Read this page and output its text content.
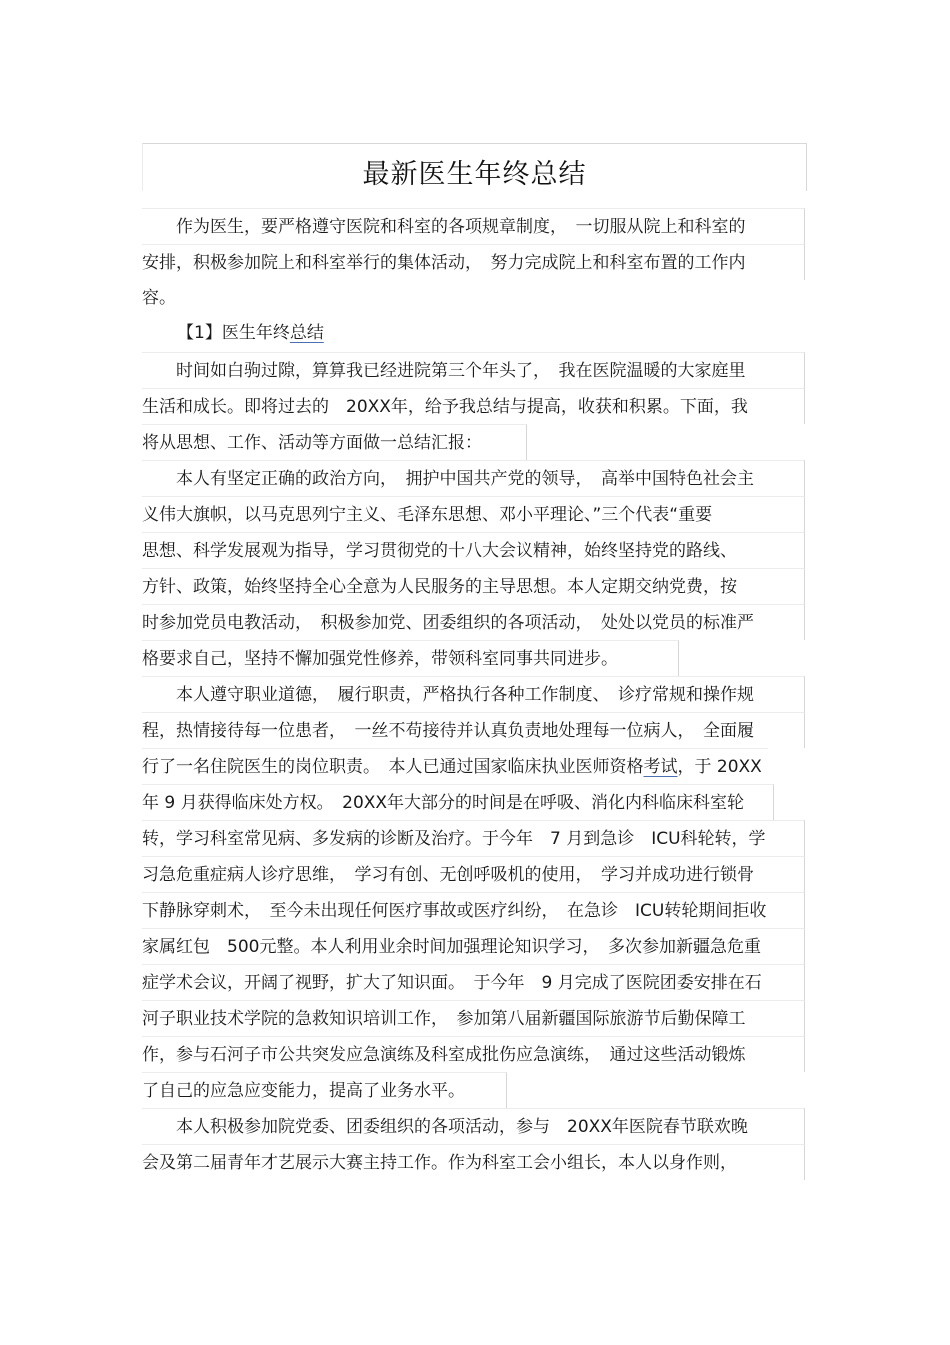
最新医生年终总结
　　作为医生，要严格遵守医院和科室的各项规章制度，　一切服从院上和科室的
安排，积极参加院上和科室举行的集体活动，　努力完成院上和科室布置的工作内
容。
【1】医生年终总结
　　时间如白驹过隙，算算我已经进院第三个年头了，　我在医院温暖的大家庭里
生活和成长。即将过去的　20XX年，给予我总结与提高，收获和积累。下面，我
将从思想、工作、活动等方面做一总结汇报：
　　本人有坚定正确的政治方向，　拥护中国共产党的领导，　高举中国特色社会主
义伟大旗帜，以马克思列宁主义、毛泽东思想、邓小平理论、”三个代表“重要
思想、科学发展观为指导，学习贯彻党的十八大会议精神，始终坚持党的路线、
方针、政策，始终坚持全心全意为人民服务的主导思想。本人定期交纳党费，按
时参加党员电教活动，　积极参加党、团委组织的各项活动，　处处以党员的标准严
格要求自己，坚持不懈加强党性修养，带领科室同事共同进步。
　　本人遵守职业道德，　履行职责，严格执行各种工作制度、　诊疗常规和操作规
程，热情接待每一位患者，　一丝不苟接待并认真负责地处理每一位病人，　全面履
行了一名住院医生的岗位职责。　本人已通过国家临床执业医师资格考试，于 20XX
年 9 月获得临床处方权。　20XX年大部分的时间是在呼吸、消化内科临床科室轮
转，学习科室常见病、多发病的诊断及治疗。于今年　7 月到急诊　ICU科轮转，学
习急危重症病人诊疗思维，　学习有创、无创呼吸机的使用，　学习并成功进行锁骨
下静脉穿刺术，　至今未出现任何医疗事故或医疗纠纷，　在急诊　ICU转轮期间拒收
家属红包　500元整。本人利用业余时间加强理论知识学习，　多次参加新疆急危重
症学术会议，开阔了视野，扩大了知识面。　于今年　9 月完成了医院团委安排在石
河子职业技术学院的急救知识培训工作，　参加第八届新疆国际旅游节后勤保障工
作，参与石河子市公共突发应急演练及科室成批伤应急演练，　通过这些活动锻炼
了自己的应急应变能力，提高了业务水平。
　　本人积极参加院党委、团委组织的各项活动，参与　20XX年医院春节联欢晚
会及第二届青年才艺展示大赛主持工作。作为科室工会小组长，本人以身作则，
